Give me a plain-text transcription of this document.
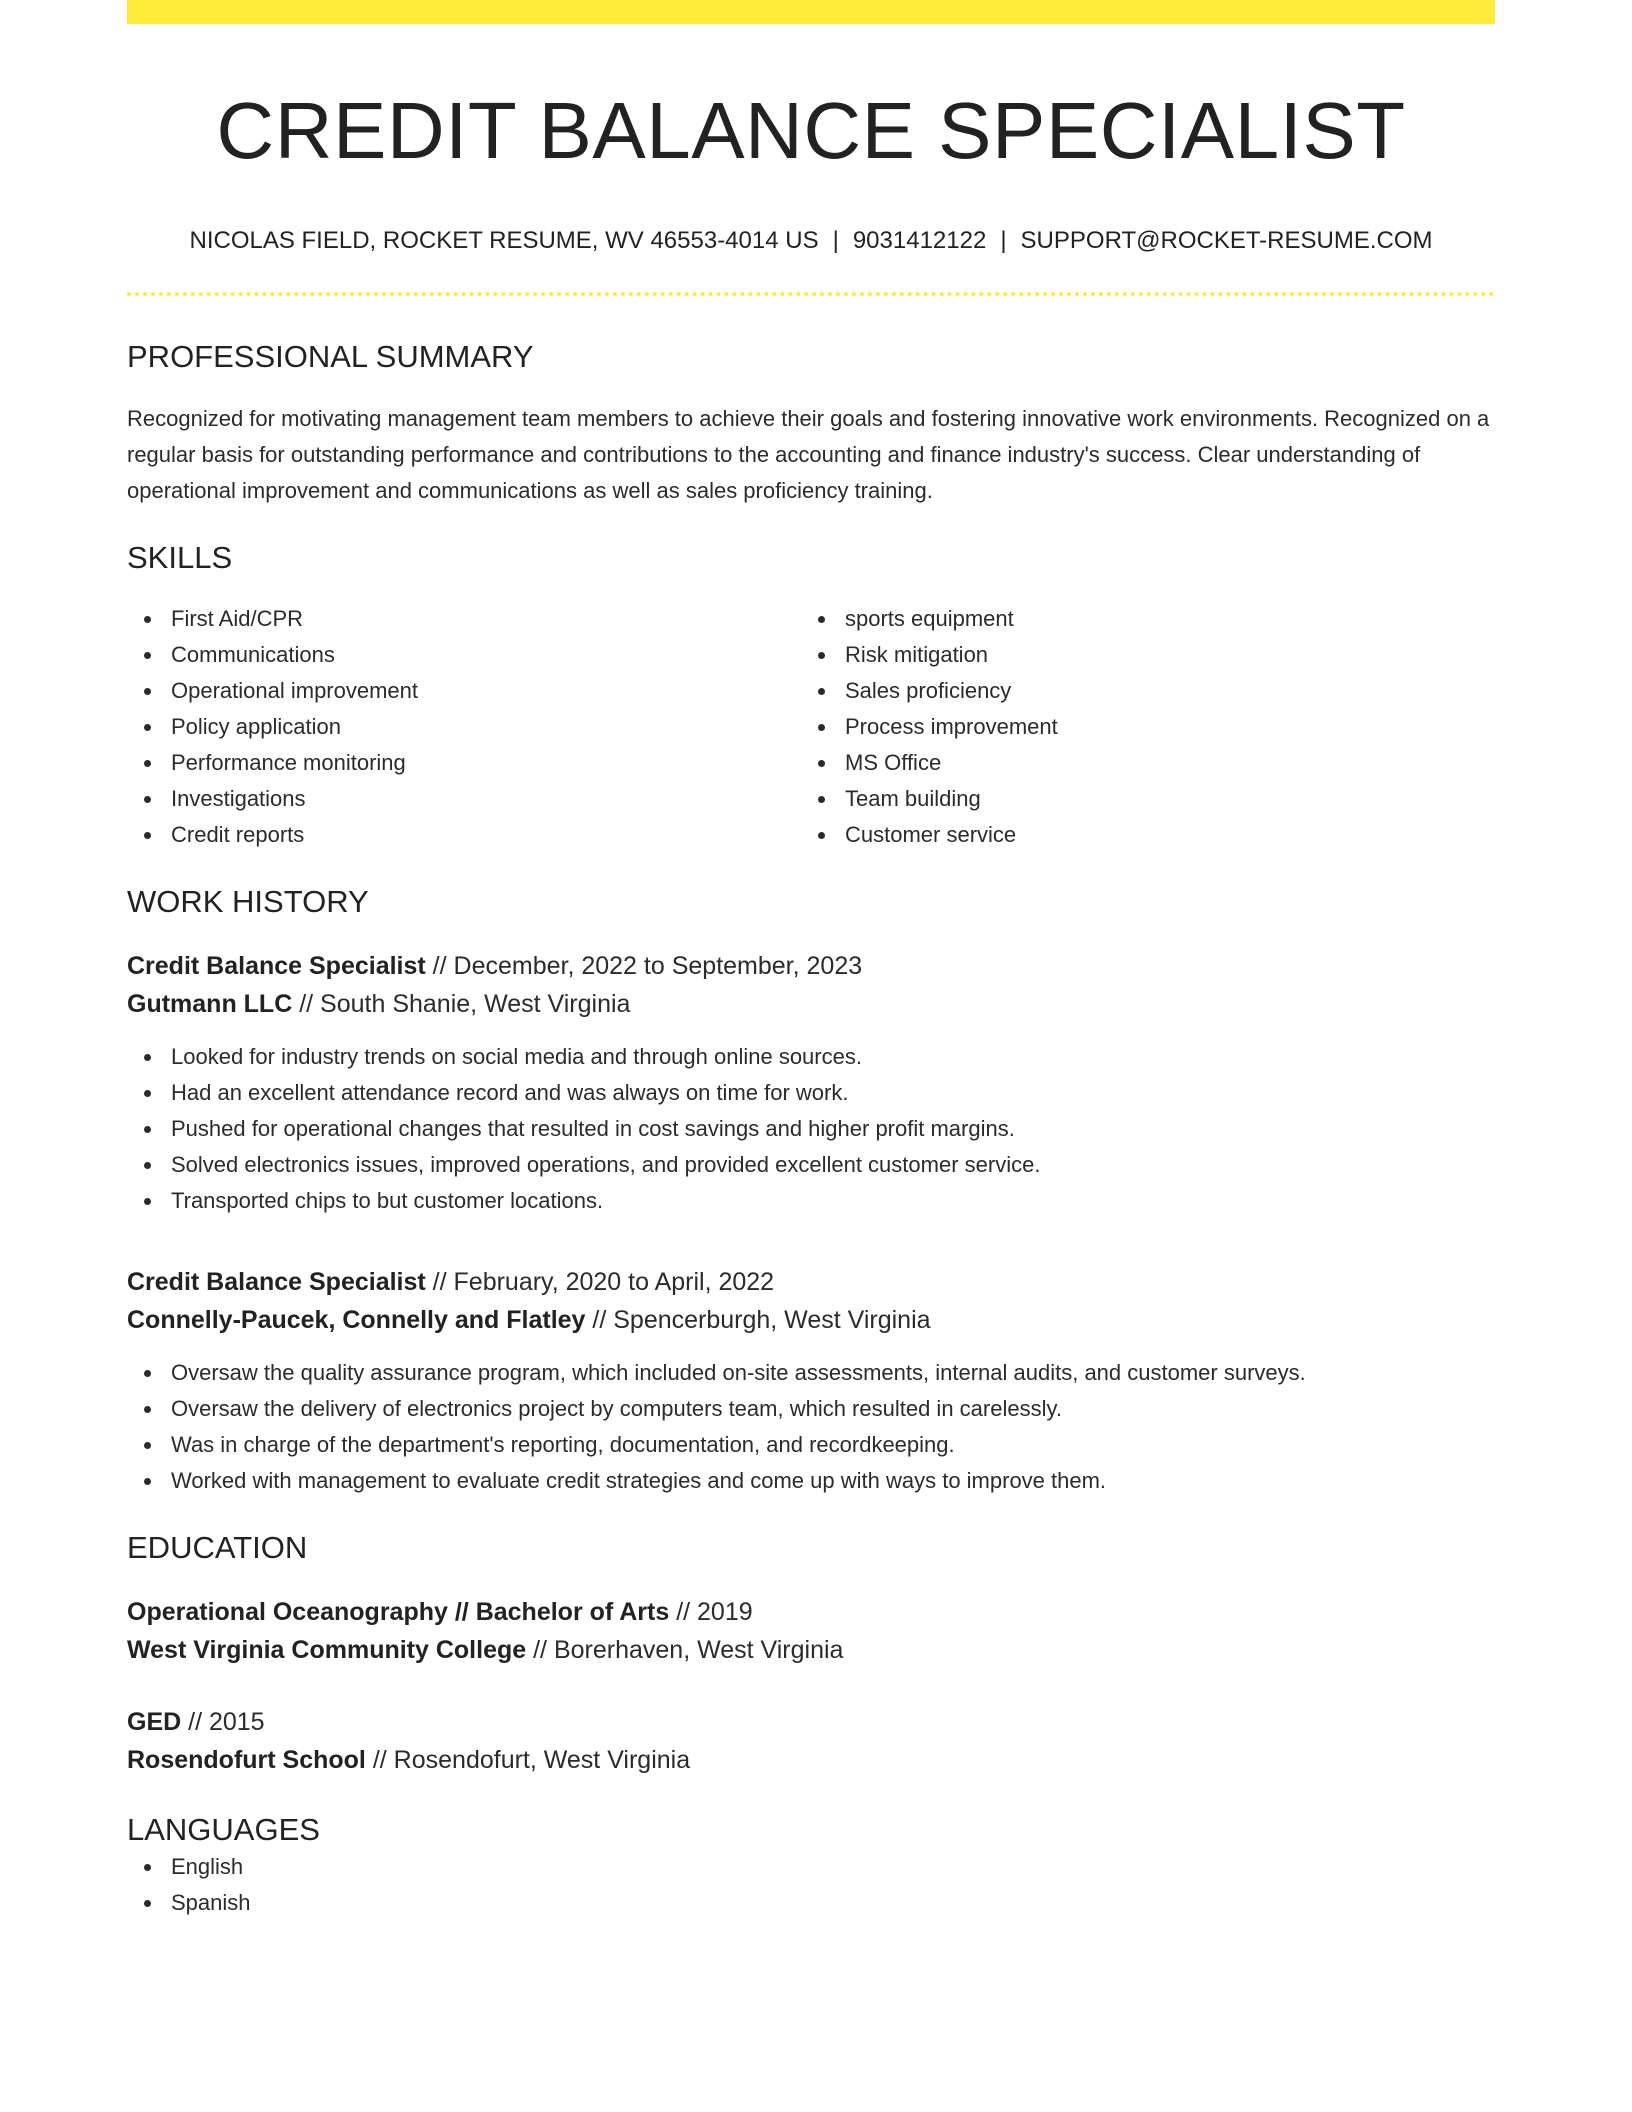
CREDIT BALANCE SPECIALIST
NICOLAS FIELD, ROCKET RESUME, WV 46553-4014 US | 9031412122 | SUPPORT@ROCKET-RESUME.COM
PROFESSIONAL SUMMARY
Recognized for motivating management team members to achieve their goals and fostering innovative work environments. Recognized on a regular basis for outstanding performance and contributions to the accounting and finance industry's success. Clear understanding of operational improvement and communications as well as sales proficiency training.
SKILLS
First Aid/CPR
Communications
Operational improvement
Policy application
Performance monitoring
Investigations
Credit reports
sports equipment
Risk mitigation
Sales proficiency
Process improvement
MS Office
Team building
Customer service
WORK HISTORY
Credit Balance Specialist // December, 2022 to September, 2023
Gutmann LLC // South Shanie, West Virginia
Looked for industry trends on social media and through online sources.
Had an excellent attendance record and was always on time for work.
Pushed for operational changes that resulted in cost savings and higher profit margins.
Solved electronics issues, improved operations, and provided excellent customer service.
Transported chips to but customer locations.
Credit Balance Specialist // February, 2020 to April, 2022
Connelly-Paucek, Connelly and Flatley // Spencerburgh, West Virginia
Oversaw the quality assurance program, which included on-site assessments, internal audits, and customer surveys.
Oversaw the delivery of electronics project by computers team, which resulted in carelessly.
Was in charge of the department's reporting, documentation, and recordkeeping.
Worked with management to evaluate credit strategies and come up with ways to improve them.
EDUCATION
Operational Oceanography // Bachelor of Arts // 2019
West Virginia Community College // Borerhaven, West Virginia
GED // 2015
Rosendofurt School // Rosendofurt, West Virginia
LANGUAGES
English
Spanish
